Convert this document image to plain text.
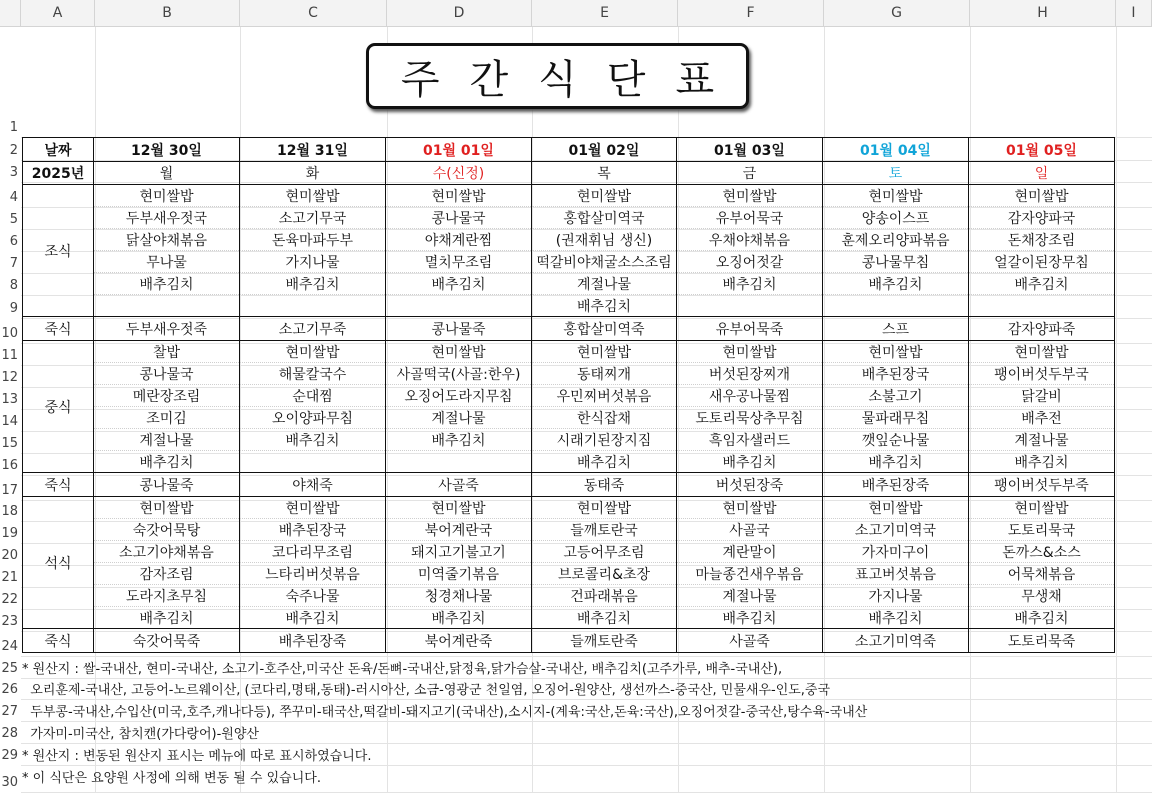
A	B	C	D	E	F	G	H	I
1
2
3
4
5
6
7
8
9
10
11
12
13
14
15
16
17
18
19
20
21
22
23
24
25
26
27
28
29
30
주간식단표
날짜	12월 30일	12월 31일	01월 01일	01월 02일	01월 03일	01월 04일	01월 05일
2025년	월	화	수(신정)	목	금	토	일
조식	현미쌀밥	현미쌀밥	현미쌀밥	현미쌀밥	현미쌀밥	현미쌀밥	현미쌀밥
	두부새우젓국	소고기무국	콩나물국	홍합살미역국	유부어묵국	양송이스프	감자양파국
	닭살야채볶음	돈육마파두부	야채계란찜	(권재휘님 생신)	우채야채볶음	훈제오리양파볶음	돈채장조림
	무나물	가지나물	멸치무조림	떡갈비야채굴소스조림	오징어젓갈	콩나물무침	얼갈이된장무침
	배추김치	배추김치	배추김치	계절나물	배추김치	배추김치	배추김치
				배추김치			
죽식	두부새우젓죽	소고기무죽	콩나물죽	홍합살미역죽	유부어묵죽	스프	감자양파죽
중식	찰밥	현미쌀밥	현미쌀밥	현미쌀밥	현미쌀밥	현미쌀밥	현미쌀밥
	콩나물국	해물칼국수	사골떡국(사골:한우)	동태찌개	버섯된장찌개	배추된장국	팽이버섯두부국
	메란장조림	순대찜	오징어도라지무침	우민찌버섯볶음	새우공나물찜	소불고기	닭갈비
	조미김	오이양파무침	계절나물	한식잡채	도토리묵상추무침	물파래무침	배추전
	계절나물	배추김치	배추김치	시래기된장지짐	흑임자샐러드	깻잎순나물	계절나물
	배추김치			배추김치	배추김치	배추김치	배추김치
죽식	콩나물죽	야채죽	사골죽	동태죽	버섯된장죽	배추된장죽	팽이버섯두부죽
석식	현미쌀밥	현미쌀밥	현미쌀밥	현미쌀밥	현미쌀밥	현미쌀밥	현미쌀밥
	숙갓어묵탕	배추된장국	북어계란국	들깨토란국	사골국	소고기미역국	도토리묵국
	소고기야채볶음	코다리무조림	돼지고기불고기	고등어무조림	계란말이	가자미구이	돈까스&소스
	감자조림	느타리버섯볶음	미역줄기볶음	브로콜리&초장	마늘종건새우볶음	표고버섯볶음	어묵채볶음
	도라지초무침	숙주나물	청경채나물	건파래볶음	계절나물	가지나물	무생채
	배추김치	배추김치	배추김치	배추김치	배추김치	배추김치	배추김치
죽식	숙갓어묵죽	배추된장죽	북어계란죽	들깨토란죽	사골죽	소고기미역죽	도토리묵죽
* 원산지 : 쌀-국내산, 현미-국내산, 소고기-호주산,미국산 돈육/돈뼈-국내산,닭정육,닭가슴살-국내산, 배추김치(고주가루, 배추-국내산),
오리훈제-국내산, 고등어-노르웨이산, (코다리,명태,동태)-러시아산, 소금-영광군 천일염, 오징어-원양산, 생선까스-중국산, 민물새우-인도,중국
두부콩-국내산,수입산(미국,호주,캐나다등), 쭈꾸미-태국산,떡갈비-돼지고기(국내산),소시지-(계육:국산,돈육:국산),오징어젓갈-중국산,탕수육-국내산
가자미-미국산, 참치캔(가다랑어)-원양산
* 원산지 : 변동된 원산지 표시는 메뉴에 따로 표시하였습니다.
* 이 식단은 요양원 사정에 의해 변동 될 수 있습니다.
